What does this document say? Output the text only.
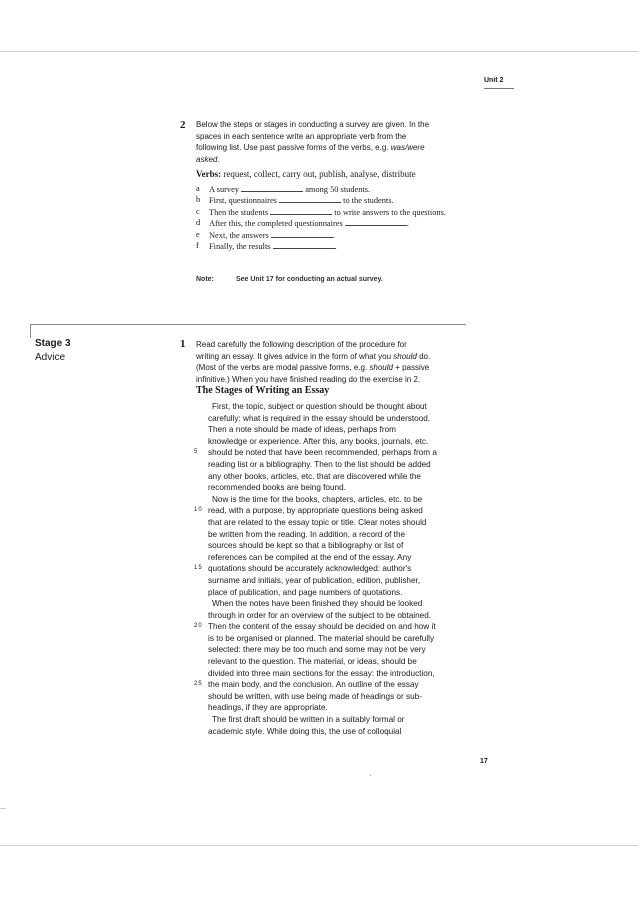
Unit 2
2 Below the steps or stages in conducting a survey are given. In the
spaces in each sentence write an appropriate verb from the
following list. Use past passive forms of the verbs, e.g. was/were
asked.
Verbs: request, collect, carry out, publish, analyse, distribute
a	A survey	among 50 students.
b	First, questionnaires	to the students.
c	Then the students	to write answers to the questions.
d	After this, the completed questionnaires	.
e	Next, the answers	.
f	Finally, the results	.
Note:	See Unit 17 for conducting an actual survey.
Stage 3
Advice
1 Read carefully the following description of the procedure for
writing an essay. It gives advice in the form of what you should do.
(Most of the verbs are modal passive forms, e.g. should + passive
infinitive.) When you have finished reading do the exercise in 2.
The Stages of Writing an Essay
First, the topic, subject or question should be thought about
carefully: what is required in the essay should be understood.
Then a note should be made of ideas, perhaps from
knowledge or experience. After this, any books, journals, etc.
5 should be noted that have been recommended, perhaps from a
reading list or a bibliography. Then to the list should be added
any other books, articles, etc. that are discovered while the
recommended books are being found.
Now is the time for the books, chapters, articles, etc. to be
10 read, with a purpose, by appropriate questions being asked
that are related to the essay topic or title. Clear notes should
be written from the reading. In addition, a record of the
sources should be kept so that a bibliography or list of
references can be compiled at the end of the essay. Any
15 quotations should be accurately acknowledged: author's
surname and initials, year of publication, edition, publisher,
place of publication, and page numbers of quotations.
When the notes have been finished they should be looked
through in order for an overview of the subject to be obtained.
20 Then the content of the essay should be decided on and how it
is to be organised or planned. The material should be carefully
selected: there may be too much and some may not be very
relevant to the question. The material, or ideas, should be
divided into three main sections for the essay: the introduction,
25 the main body, and the conclusion. An outline of the essay
should be written, with use being made of headings or sub-
headings, if they are appropriate.
The first draft should be written in a suitably formal or
academic style. While doing this, the use of colloquial
17
